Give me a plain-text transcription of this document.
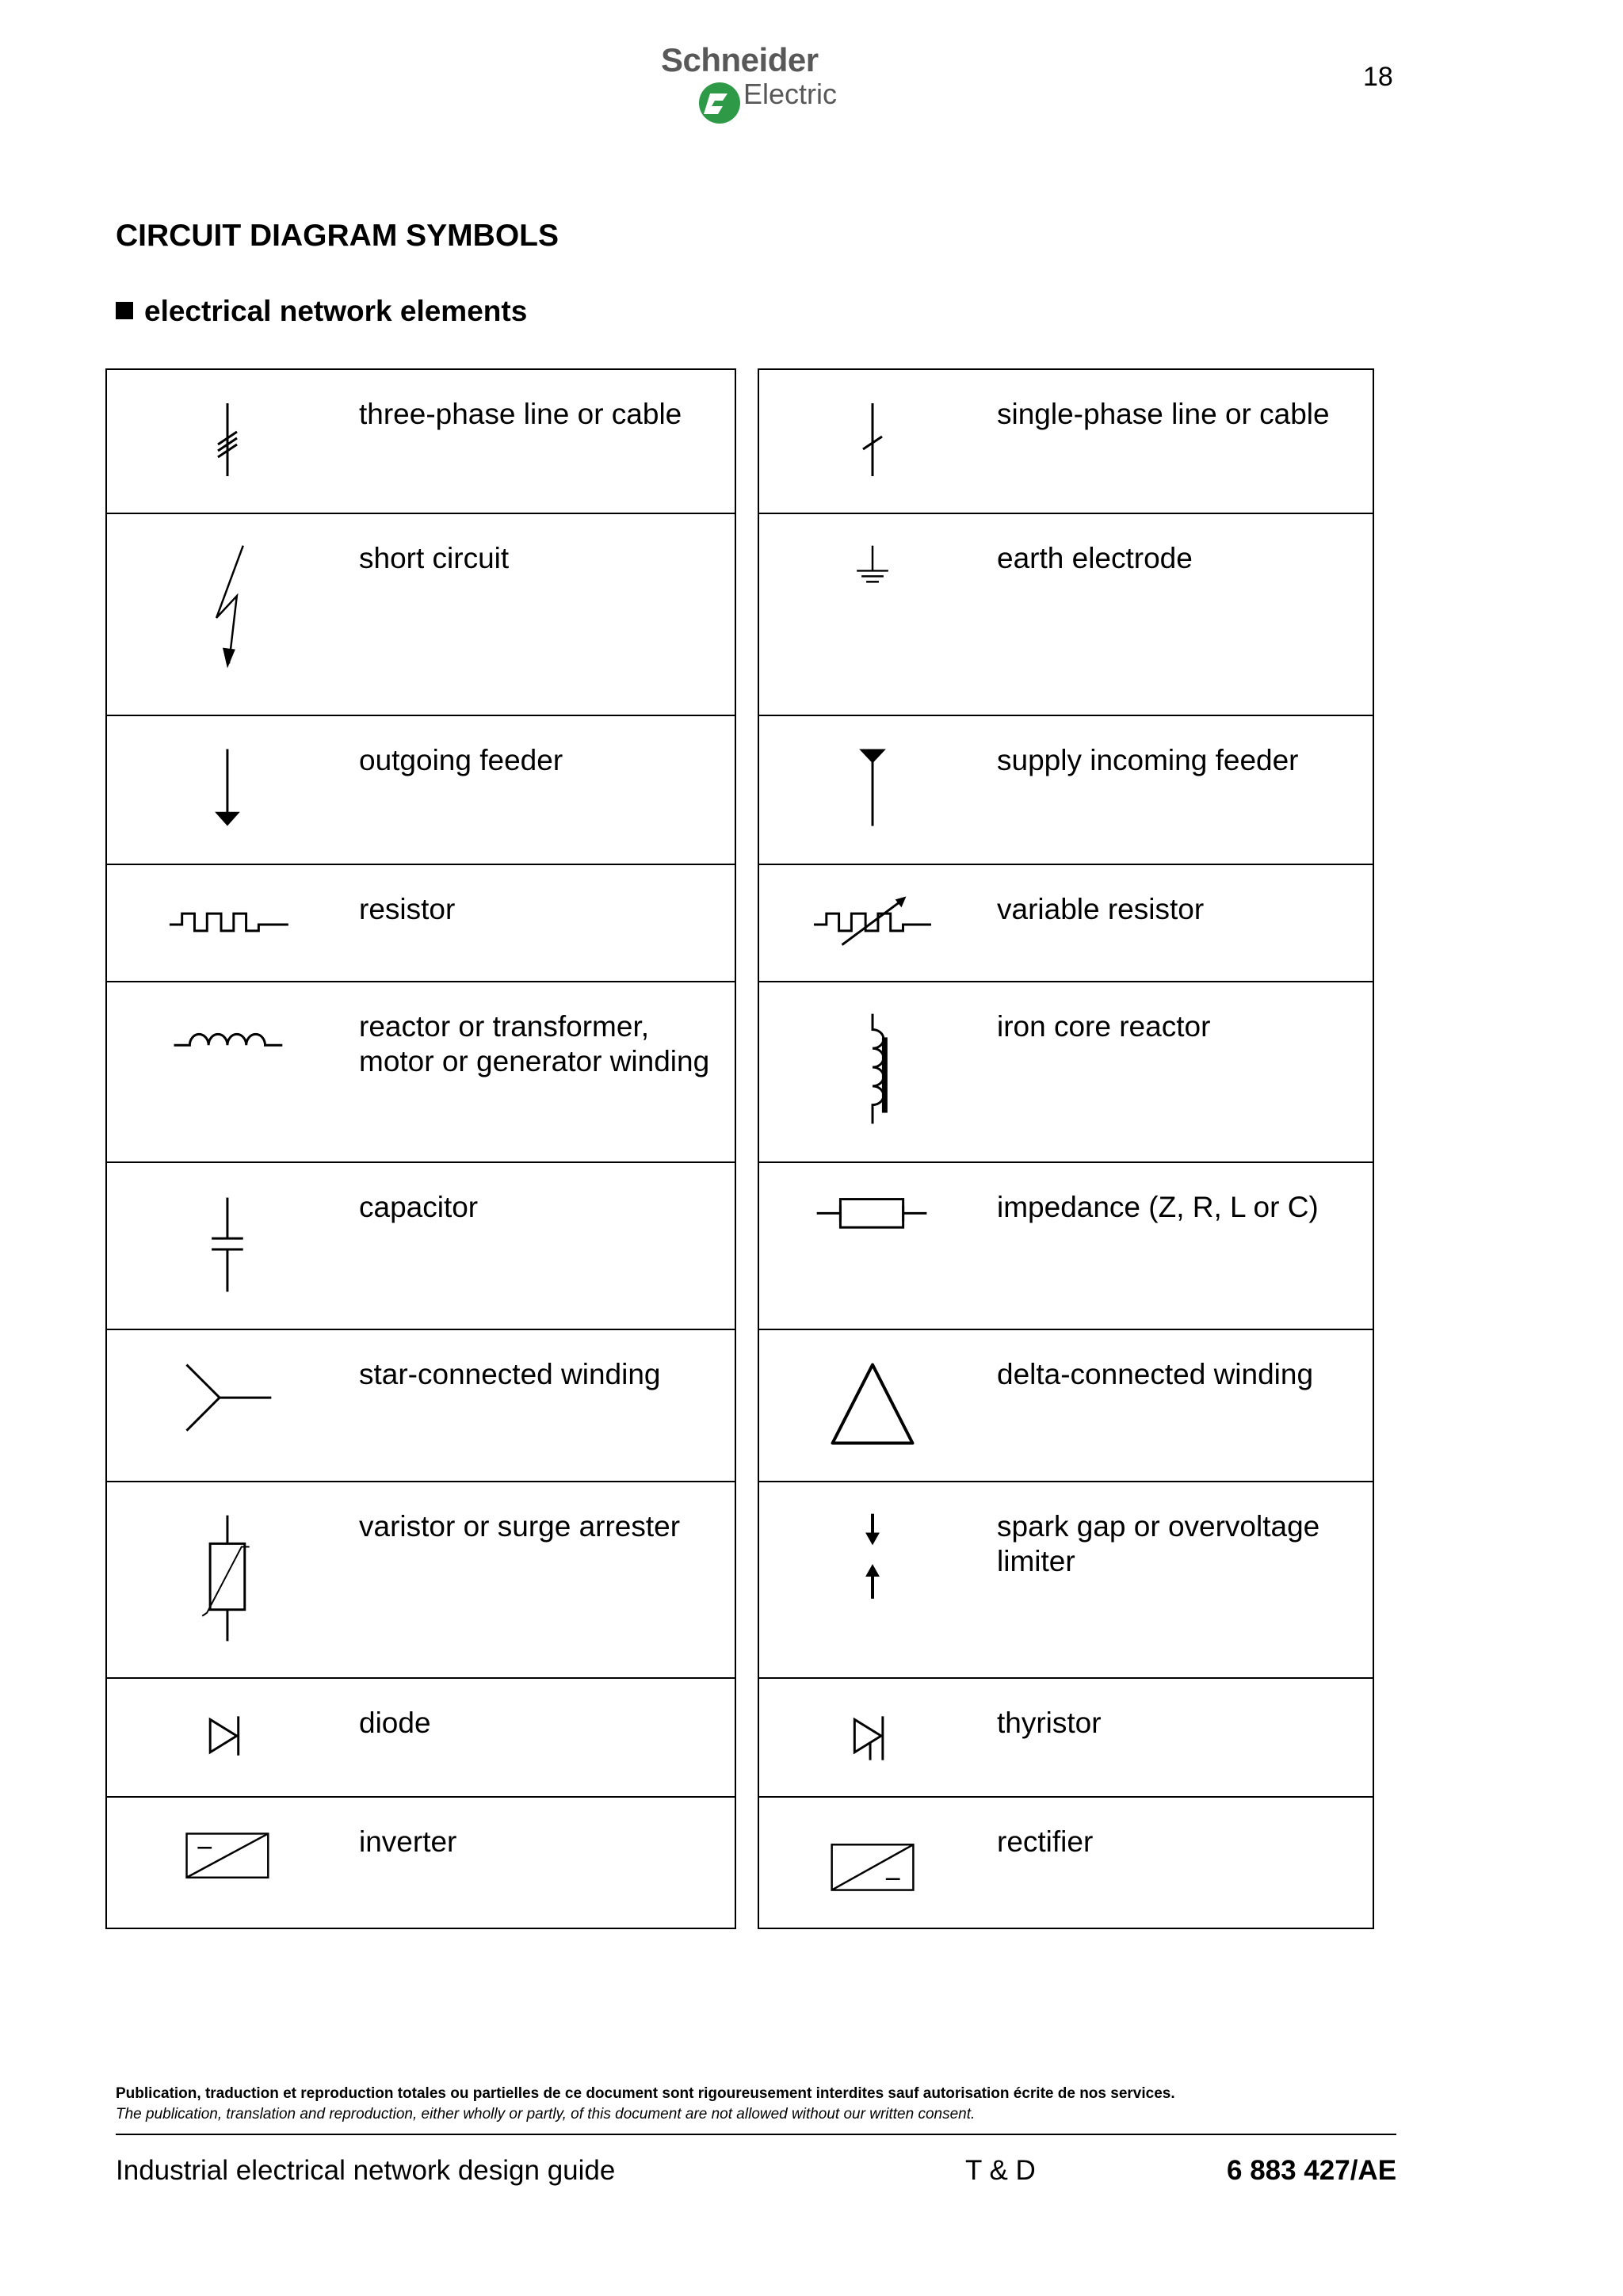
Schneider
Electric
18
CIRCUIT DIAGRAM SYMBOLS
electrical network elements
three-phase line or cable
short circuit
outgoing feeder
resistor
reactor or transformer,
motor or generator winding
capacitor
star-connected winding
varistor or surge arrester
diode
inverter
single-phase line or cable
earth electrode
supply incoming feeder
variable resistor
iron core reactor
impedance (Z, R, L or C)
delta-connected winding
spark gap or overvoltage
limiter
thyristor
rectifier
Publication, traduction et reproduction totales ou partielles de ce document sont rigoureusement interdites sauf autorisation écrite de nos services.
The publication, translation and reproduction, either wholly or partly, of this document are not allowed without our written consent.
Industrial electrical network design guide	T & D	6 883 427/AE
